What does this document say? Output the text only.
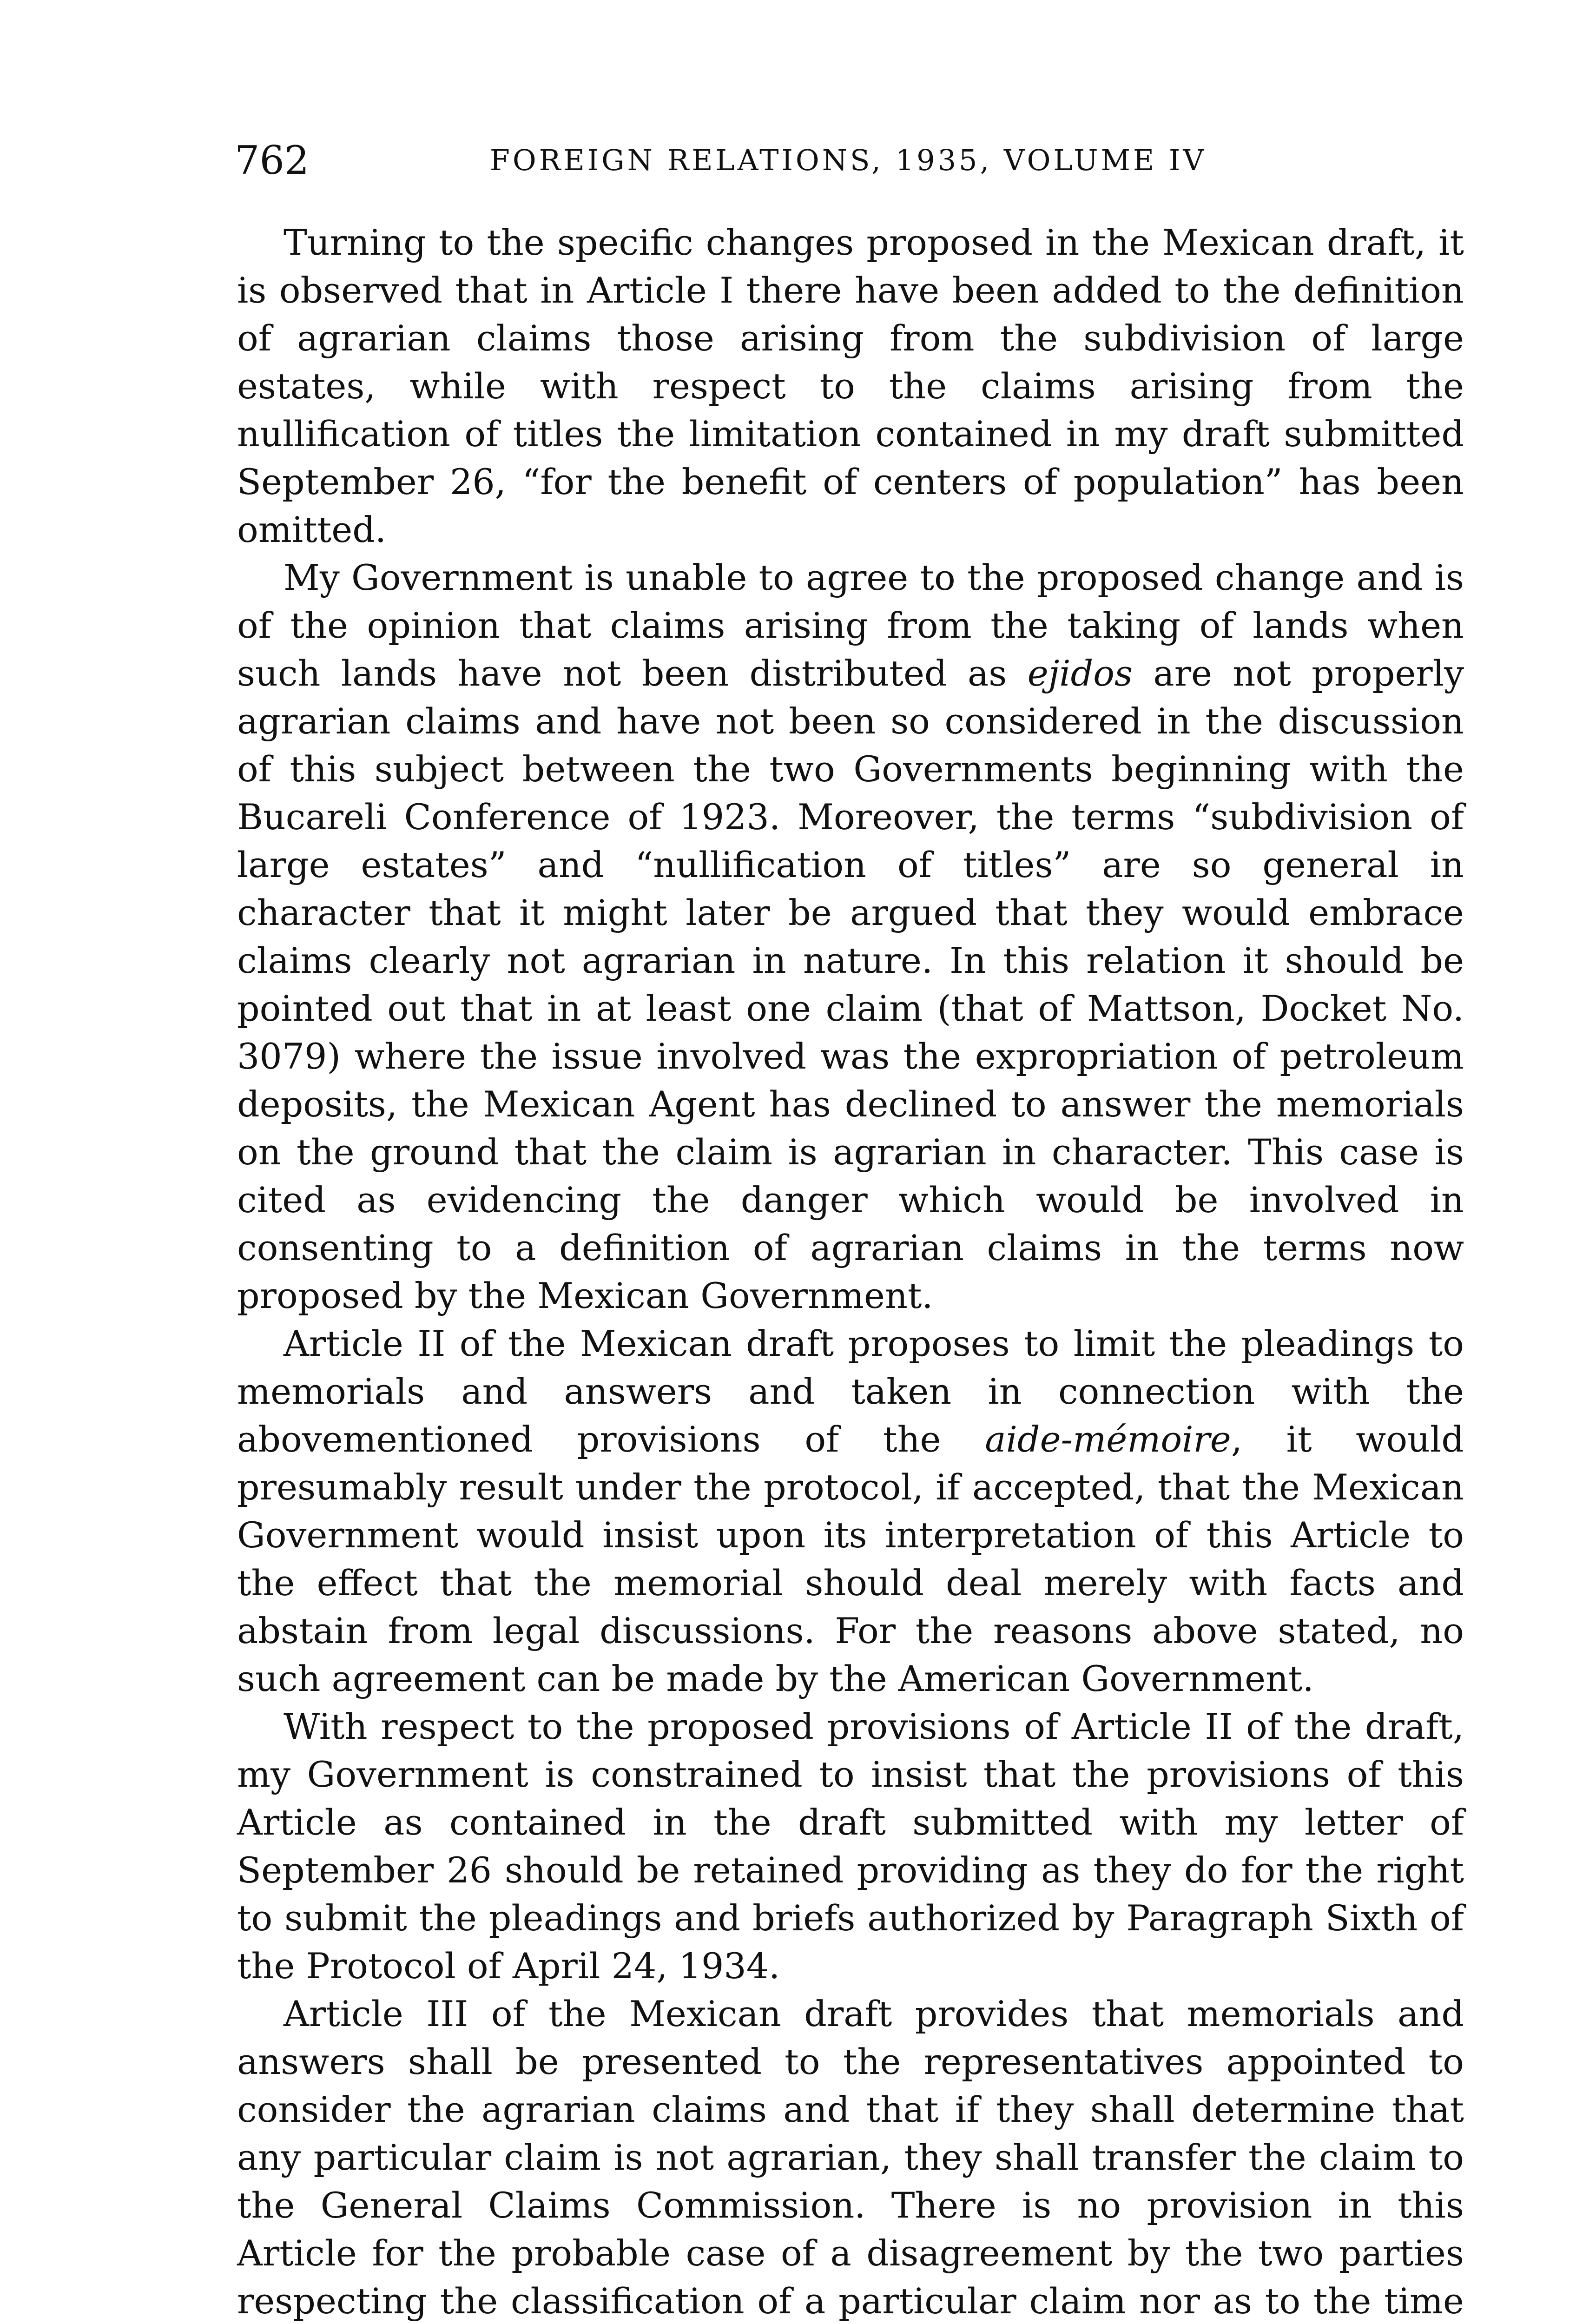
762	FOREIGN RELATIONS, 1935, VOLUME IV

Turning to the specific changes proposed in the Mexican draft, it is observed that in Article I there have been added to the definition of agrarian claims those arising from the subdivision of large estates, while with respect to the claims arising from the nullification of titles the limitation contained in my draft submitted September 26, “for the benefit of centers of population” has been omitted.

My Government is unable to agree to the proposed change and is of the opinion that claims arising from the taking of lands when such lands have not been distributed as ejidos are not properly agrarian claims and have not been so considered in the discussion of this subject between the two Governments beginning with the Bucareli Conference of 1923. Moreover, the terms “subdivision of large estates” and “nullification of titles” are so general in character that it might later be argued that they would embrace claims clearly not agrarian in nature. In this relation it should be pointed out that in at least one claim (that of Mattson, Docket No. 3079) where the issue involved was the expropriation of petroleum deposits, the Mexican Agent has declined to answer the memorials on the ground that the claim is agrarian in character. This case is cited as evidencing the danger which would be involved in consenting to a definition of agrarian claims in the terms now proposed by the Mexican Government.

Article II of the Mexican draft proposes to limit the pleadings to memorials and answers and taken in connection with the abovementioned provisions of the aide-mémoire, it would presumably result under the protocol, if accepted, that the Mexican Government would insist upon its interpretation of this Article to the effect that the memorial should deal merely with facts and abstain from legal discussions. For the reasons above stated, no such agreement can be made by the American Government.

With respect to the proposed provisions of Article II of the draft, my Government is constrained to insist that the provisions of this Article as contained in the draft submitted with my letter of September 26 should be retained providing as they do for the right to submit the pleadings and briefs authorized by Paragraph Sixth of the Protocol of April 24, 1934.

Article III of the Mexican draft provides that memorials and answers shall be presented to the representatives appointed to consider the agrarian claims and that if they shall determine that any particular claim is not agrarian, they shall transfer the claim to the General Claims Commission. There is no provision in this Article for the probable case of a disagreement by the two parties respecting the classification of a particular claim nor as to the time
